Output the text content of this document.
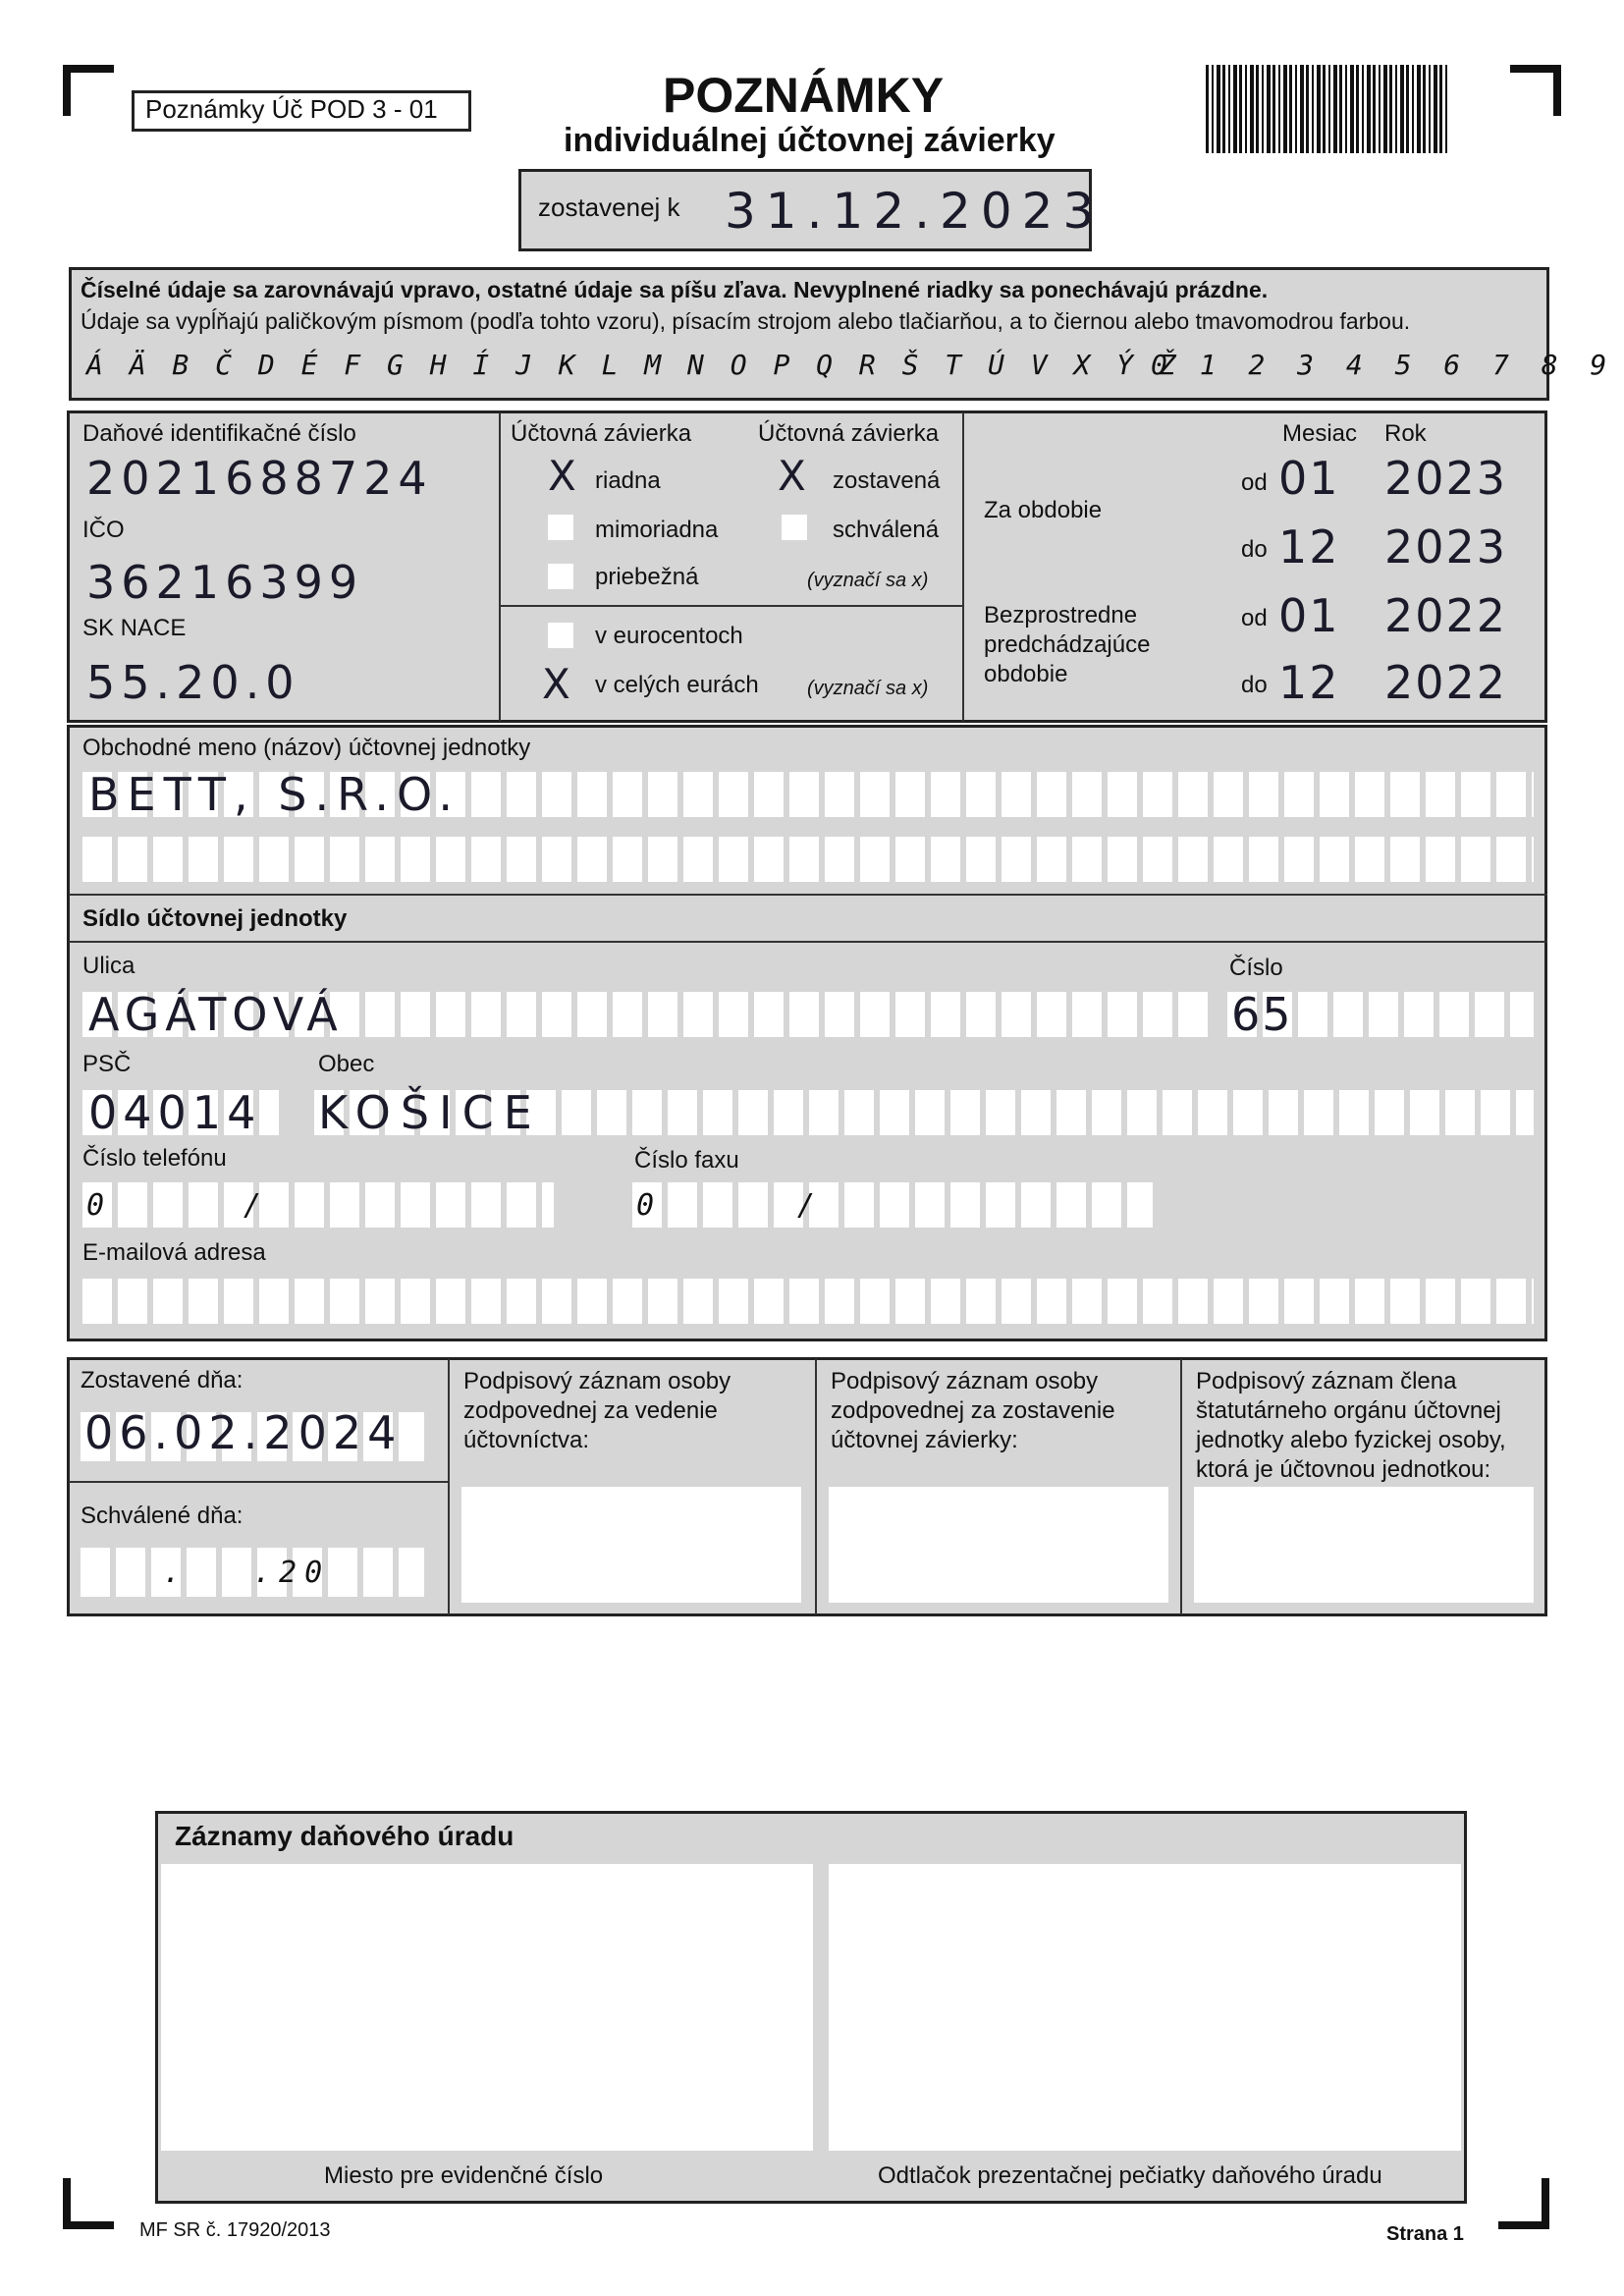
Poznámky Úč POD 3 - 01	POZNÁMKY
individuálnej účtovnej závierky
zostavenej k 31.12.2023
Číselné údaje sa zarovnávajú vpravo, ostatné údaje sa píšu zľava. Nevyplnené riadky sa ponechávajú prázdne.
Údaje sa vypĺňajú paličkovým písmom (podľa tohto vzoru), písacím strojom alebo tlačiarňou, a to čiernou alebo tmavomodrou farbou.
Á Ä B Č D É F G H Í J K L M N O P Q R Š T Ú V X Ý Ž
0 1 2 3 4 5 6 7 8 9
Daňové identifikačné číslo
2021688724
IČO
36216399
SK NACE
55.20.0
Účtovná závierka	Účtovná závierka
X riadna
mimoriadna
priebežná
X zostavená
schválená
(vyznačí sa x)
v eurocentoch
X v celých eurách (vyznačí sa x)
Mesiac Rok
Za obdobie
od 01 2023
do 12 2023
Bezprostredne predchádzajúce obdobie
od 01 2022
do 12 2022
Obchodné meno (názov) účtovnej jednotky
BETT, S.R.O.
Sídlo účtovnej jednotky
Ulica	Číslo
AGÁTOVÁ	65
PSČ	Obec
04014 KOŠICE
Číslo telefónu	Číslo faxu
0	/	0	/
E-mailová adresa
Zostavené dňa:
06.02.2024
Schválené dňa:
. .20
Podpisový záznam osoby zodpovednej za vedenie účtovníctva:
Podpisový záznam osoby zodpovednej za zostavenie účtovnej závierky:
Podpisový záznam člena štatutárneho orgánu účtovnej jednotky alebo fyzickej osoby, ktorá je účtovnou jednotkou:
Záznamy daňového úradu
Miesto pre evidenčné číslo	Odtlačok prezentačnej pečiatky daňového úradu
MF SR č. 17920/2013	Strana 1
